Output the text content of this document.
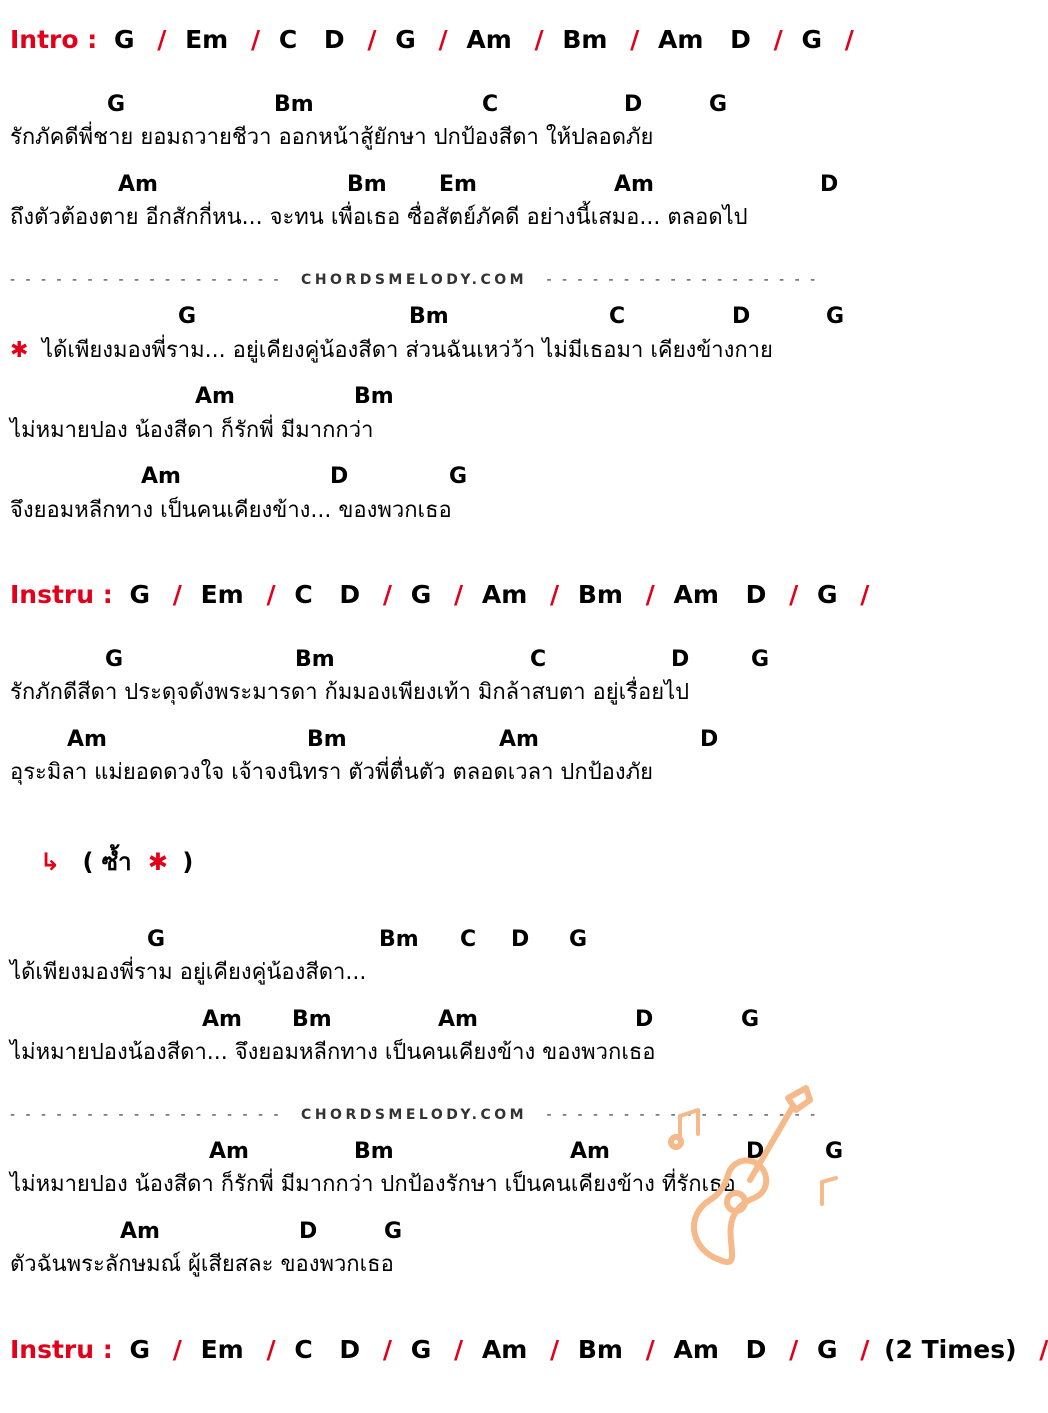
Intro : G / Em / C D / G / Am / Bm / Am D / G /
G	Bm	C	D	G
รักภัคดีพี่ชาย ยอมถวายชีวา ออกหน้าสู้ยักษา ปกป้องสีดา ให้ปลอดภัย
Am	Bm Em	Am	D
ถึงตัวต้องตาย อีกสักกี่หน... จะทน เพื่อเธอ ซื่อสัตย์ภัคดี อย่างนี้เสมอ... ตลอดไป
- - - - - - - - - - - - - - - - - - CHORDSMELODY.COM - - - - - - - - - - - - - - - - - -
G	Bm	C	D	G
✱ ได้เพียงมองพี่ราม... อยู่เคียงคู่น้องสีดา ส่วนฉันเหว่ว้า ไม่มีเธอมา เคียงข้างกาย
Am	Bm
ไม่หมายปอง น้องสีดา ก็รักพี่ มีมากกว่า
Am	D	G
จึงยอมหลีกทาง เป็นคนเคียงข้าง... ของพวกเธอ
Instru : G / Em / C D / G / Am / Bm / Am D / G /
G	Bm	C	D	G
รักภักดีสีดา ประดุจดังพระมารดา ก้มมองเพียงเท้า มิกล้าสบตา อยู่เรื่อยไป
Am	Bm	Am	D
อุระมิลา แม่ยอดดวงใจ เจ้าจงนิทรา ตัวพี่ตื่นตัว ตลอดเวลา ปกป้องภัย
↳ ( ซ้ำ ✱ )
G	Bm C D G
ได้เพียงมองพี่ราม อยู่เคียงคู่น้องสีดา...
Am Bm	Am	D	G
ไม่หมายปองน้องสีดา... จึงยอมหลีกทาง เป็นคนเคียงข้าง ของพวกเธอ
- - - - - - - - - - - - - - - - - - CHORDSMELODY.COM - - - - - - - - - - - - - - - - - -
Am	Bm	Am	D	G
ไม่หมายปอง น้องสีดา ก็รักพี่ มีมากกว่า ปกป้องรักษา เป็นคนเคียงข้าง ที่รักเธอ
Am	D	G
ตัวฉันพระลักษมณ์ ผู้เสียสละ ของพวกเธอ
Instru : G / Em / C D / G / Am / Bm / Am D / G / (2 Times) /
